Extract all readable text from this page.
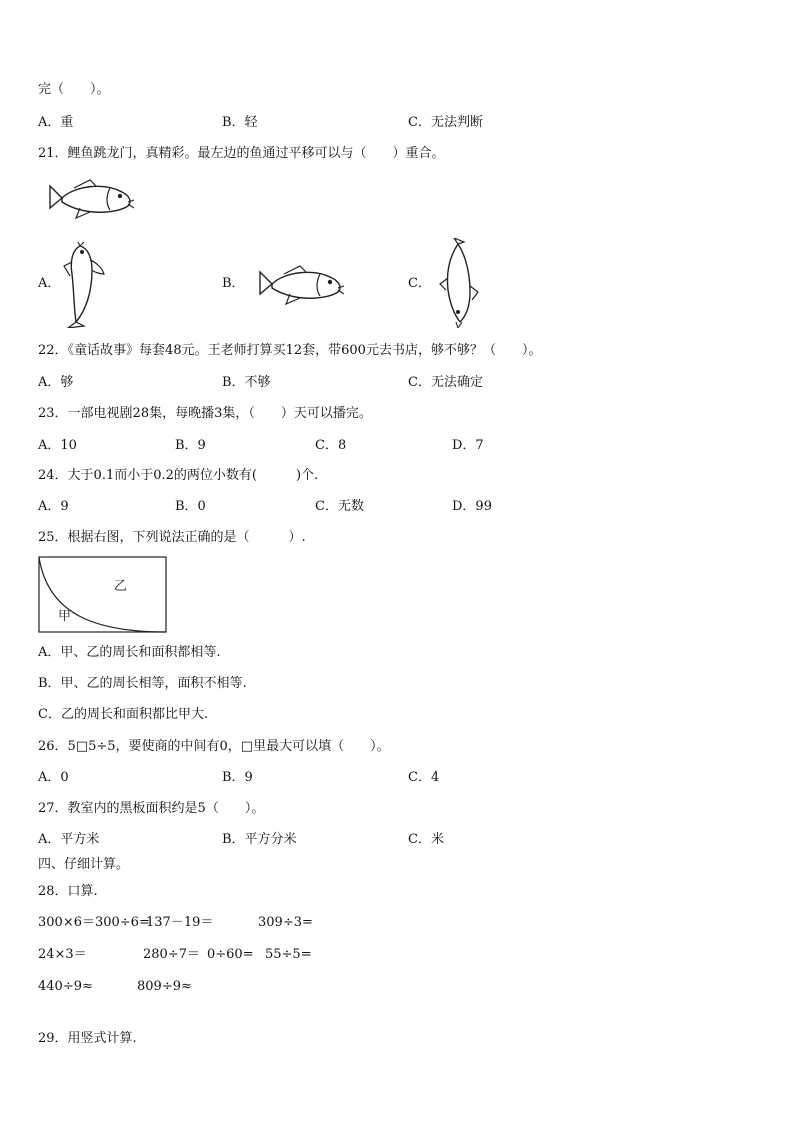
完（　　）。
A．重	B．轻	C．无法判断
21．鲤鱼跳龙门，真精彩。最左边的鱼通过平移可以与（　　）重合。
A．	B．	C．
22．《童话故事》每套48元。王老师打算买12套，带600元去书店，够不够？（　　）。
A．够	B．不够	C．无法确定
23．一部电视剧28集，每晚播3集，（　　）天可以播完。
A．10	B．9	C．8	D．7
24．大于0.1而小于0.2的两位小数有(　　　)个.
A．9	B．0	C．无数	D．99
25．根据右图，下列说法正确的是（　　　）.
乙
甲
A．甲、乙的周长和面积都相等.
B．甲、乙的周长相等，面积不相等.
C．乙的周长和面积都比甲大.
26．5□5÷5，要使商的中间有0，□里最大可以填（　　）。
A．0	B．9	C．4
27．教室内的黑板面积约是5（　　）。
A．平方米	B．平方分米	C．米
四、仔细计算。
28．口算.
300×6＝300÷6=
137－19＝	309÷3=
24×3＝	280÷7＝ 0÷60= 55÷5=
440÷9≈	809÷9≈
29．用竖式计算.
